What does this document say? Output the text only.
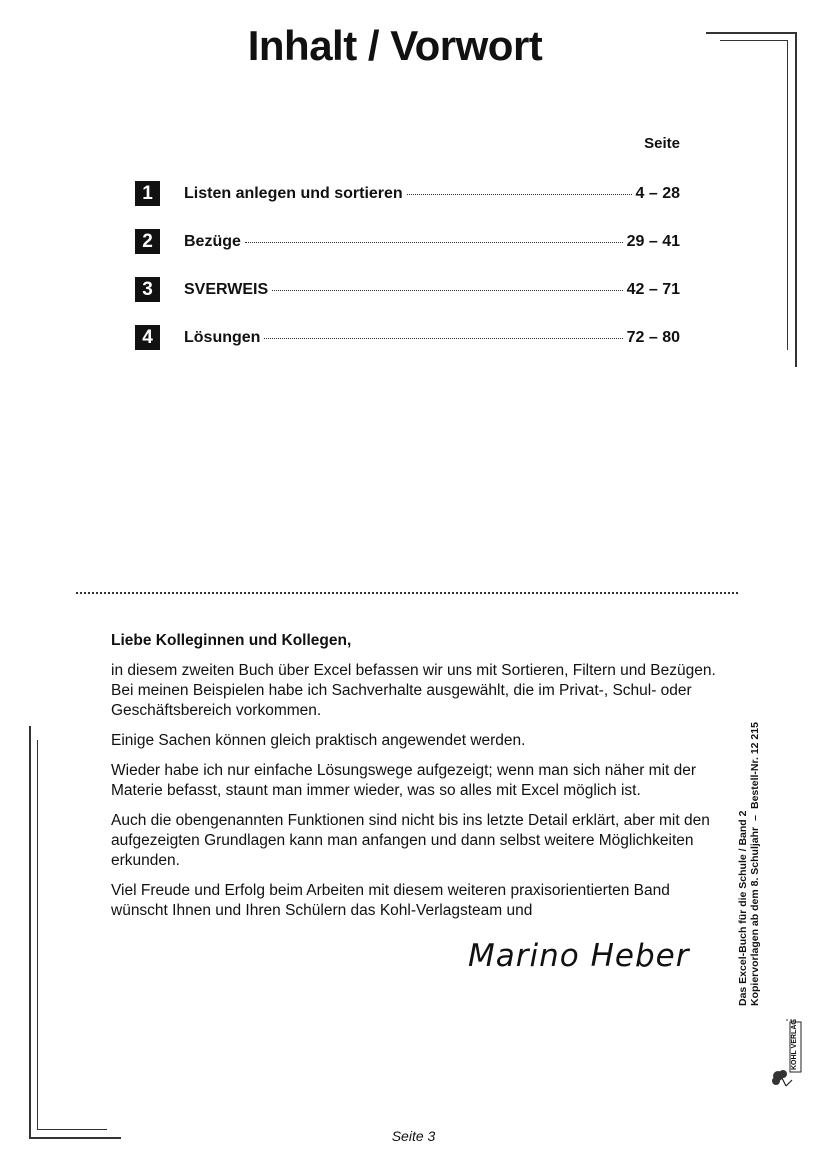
Inhalt / Vorwort
Seite
1	Listen anlegen und sortieren	4 – 28
2	Bezüge	29 – 41
3	SVERWEIS	42 – 71
4	Lösungen	72 – 80
Liebe Kolleginnen und Kollegen,

in diesem zweiten Buch über Excel befassen wir uns mit Sortieren, Filtern und Bezügen. Bei meinen Beispielen habe ich Sachverhalte ausgewählt, die im Privat-, Schul- oder Geschäftsbereich vorkommen.

Einige Sachen können gleich praktisch angewendet werden.

Wieder habe ich nur einfache Lösungswege aufgezeigt; wenn man sich näher mit der Materie befasst, staunt man immer wieder, was so alles mit Excel möglich ist.

Auch die obengenannten Funktionen sind nicht bis ins letzte Detail erklärt, aber mit den aufgezeigten Grundlagen kann man anfangen und dann selbst weitere Möglichkeiten erkunden.

Viel Freude und Erfolg beim Arbeiten mit diesem weiteren praxisorientierten Band wünscht Ihnen und Ihren Schülern das Kohl-Verlagsteam und

Marino Heber	Das Excel-Buch für die Schule / Band 2 Kopiervorlagen ab dem 8. Schuljahr
–
Bestell-Nr. 12 215
KOHL VERLAG
Seite 3
